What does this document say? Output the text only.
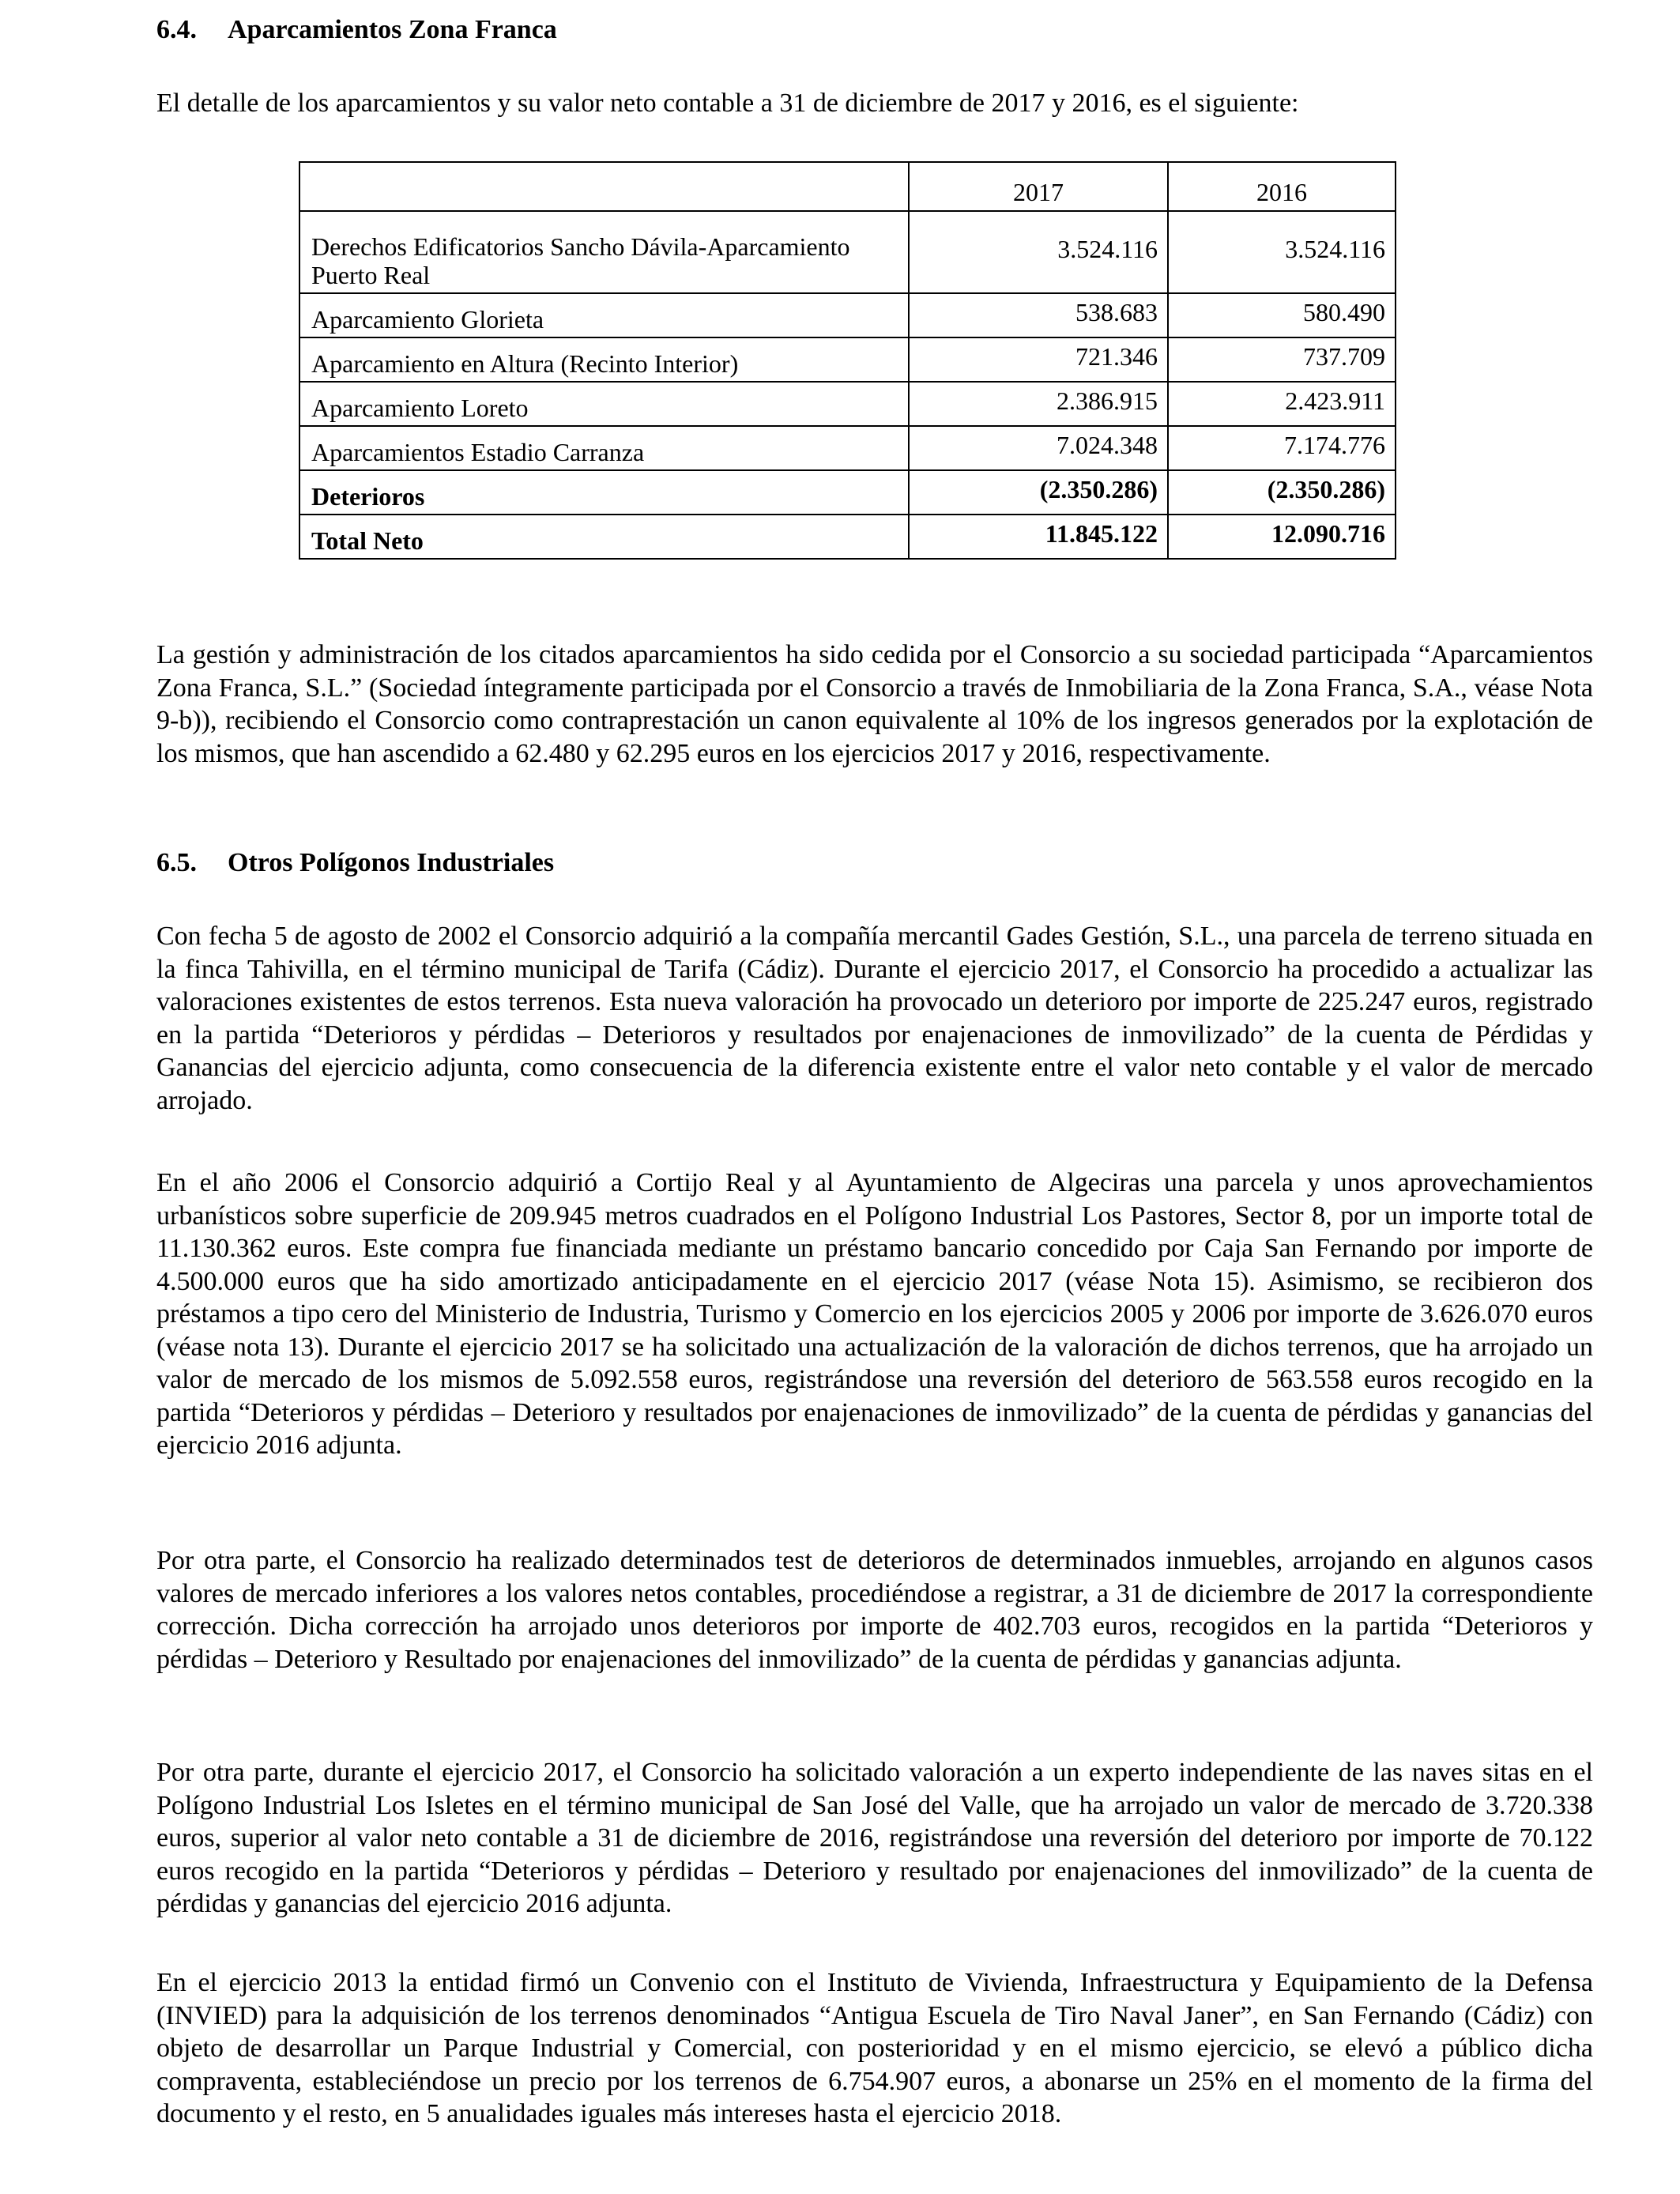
6.4. Aparcamientos Zona Franca

El detalle de los aparcamientos y su valor neto contable a 31 de diciembre de 2017 y 2016, es el siguiente:

	2017	2016
Derechos Edificatorios Sancho Dávila-Aparcamiento Puerto Real	3.524.116	3.524.116
Aparcamiento Glorieta	538.683	580.490
Aparcamiento en Altura (Recinto Interior)	721.346	737.709
Aparcamiento Loreto	2.386.915	2.423.911
Aparcamientos Estadio Carranza	7.024.348	7.174.776
Deterioros	(2.350.286)	(2.350.286)
Total Neto	11.845.122	12.090.716

La gestión y administración de los citados aparcamientos ha sido cedida por el Consorcio a su sociedad participada “Aparcamientos Zona Franca, S.L.” (Sociedad íntegramente participada por el Consorcio a través de Inmobiliaria de la Zona Franca, S.A., véase Nota 9-b)), recibiendo el Consorcio como contraprestación un canon equivalente al 10% de los ingresos generados por la explotación de los mismos, que han ascendido a 62.480 y 62.295 euros en los ejercicios 2017 y 2016, respectivamente.

6.5. Otros Polígonos Industriales

Con fecha 5 de agosto de 2002 el Consorcio adquirió a la compañía mercantil Gades Gestión, S.L., una parcela de terreno situada en la finca Tahivilla, en el término municipal de Tarifa (Cádiz). Durante el ejercicio 2017, el Consorcio ha procedido a actualizar las valoraciones existentes de estos terrenos. Esta nueva valoración ha provocado un deterioro por importe de 225.247 euros, registrado en la partida “Deterioros y pérdidas – Deterioros y resultados por enajenaciones de inmovilizado” de la cuenta de Pérdidas y Ganancias del ejercicio adjunta, como consecuencia de la diferencia existente entre el valor neto contable y el valor de mercado arrojado.

En el año 2006 el Consorcio adquirió a Cortijo Real y al Ayuntamiento de Algeciras una parcela y unos aprovechamientos urbanísticos sobre superficie de 209.945 metros cuadrados en el Polígono Industrial Los Pastores, Sector 8, por un importe total de 11.130.362 euros. Este compra fue financiada mediante un préstamo bancario concedido por Caja San Fernando por importe de 4.500.000 euros que ha sido amortizado anticipadamente en el ejercicio 2017 (véase Nota 15). Asimismo, se recibieron dos préstamos a tipo cero del Ministerio de Industria, Turismo y Comercio en los ejercicios 2005 y 2006 por importe de 3.626.070 euros (véase nota 13). Durante el ejercicio 2017 se ha solicitado una actualización de la valoración de dichos terrenos, que ha arrojado un valor de mercado de los mismos de 5.092.558 euros, registrándose una reversión del deterioro de 563.558 euros recogido en la partida “Deterioros y pérdidas – Deterioro y resultados por enajenaciones de inmovilizado” de la cuenta de pérdidas y ganancias del ejercicio 2016 adjunta.

Por otra parte, el Consorcio ha realizado determinados test de deterioros de determinados inmuebles, arrojando en algunos casos valores de mercado inferiores a los valores netos contables, procediéndose a registrar, a 31 de diciembre de 2017 la correspondiente corrección. Dicha corrección ha arrojado unos deterioros por importe de 402.703 euros, recogidos en la partida “Deterioros y pérdidas – Deterioro y Resultado por enajenaciones del inmovilizado” de la cuenta de pérdidas y ganancias adjunta.

Por otra parte, durante el ejercicio 2017, el Consorcio ha solicitado valoración a un experto independiente de las naves sitas en el Polígono Industrial Los Isletes en el término municipal de San José del Valle, que ha arrojado un valor de mercado de 3.720.338 euros, superior al valor neto contable a 31 de diciembre de 2016, registrándose una reversión del deterioro por importe de 70.122 euros recogido en la partida “Deterioros y pérdidas – Deterioro y resultado por enajenaciones del inmovilizado” de la cuenta de pérdidas y ganancias del ejercicio 2016 adjunta.

En el ejercicio 2013 la entidad firmó un Convenio con el Instituto de Vivienda, Infraestructura y Equipamiento de la Defensa (INVIED) para la adquisición de los terrenos denominados “Antigua Escuela de Tiro Naval Janer”, en San Fernando (Cádiz) con objeto de desarrollar un Parque Industrial y Comercial, con posterioridad y en el mismo ejercicio, se elevó a público dicha compraventa, estableciéndose un precio por los terrenos de 6.754.907 euros, a abonarse un 25% en el momento de la firma del documento y el resto, en 5 anualidades iguales más intereses hasta el ejercicio 2018.
